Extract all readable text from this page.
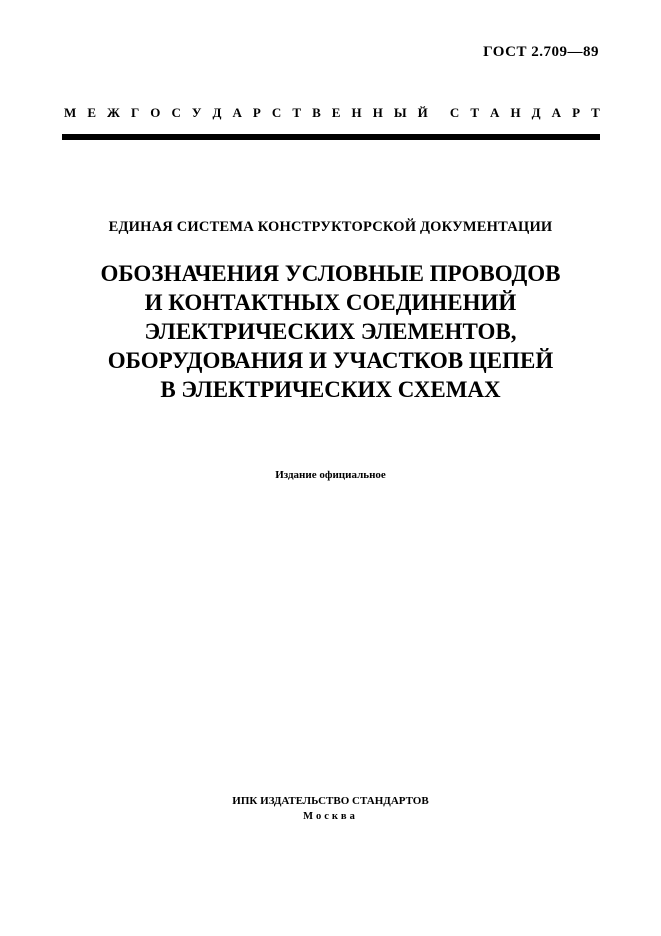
ГОСТ 2.709—89
М Е Ж Г О С У Д А Р С Т В Е Н Н Ы Й С Т А Н Д А Р Т
ЕДИНАЯ СИСТЕМА КОНСТРУКТОРСКОЙ ДОКУМЕНТАЦИИ
ОБОЗНАЧЕНИЯ УСЛОВНЫЕ ПРОВОДОВ
И КОНТАКТНЫХ СОЕДИНЕНИЙ
ЭЛЕКТРИЧЕСКИХ ЭЛЕМЕНТОВ,
ОБОРУДОВАНИЯ И УЧАСТКОВ ЦЕПЕЙ
В ЭЛЕКТРИЧЕСКИХ СХЕМАХ
Издание официальное
ИПК ИЗДАТЕЛЬСТВО СТАНДАРТОВ
Москва
